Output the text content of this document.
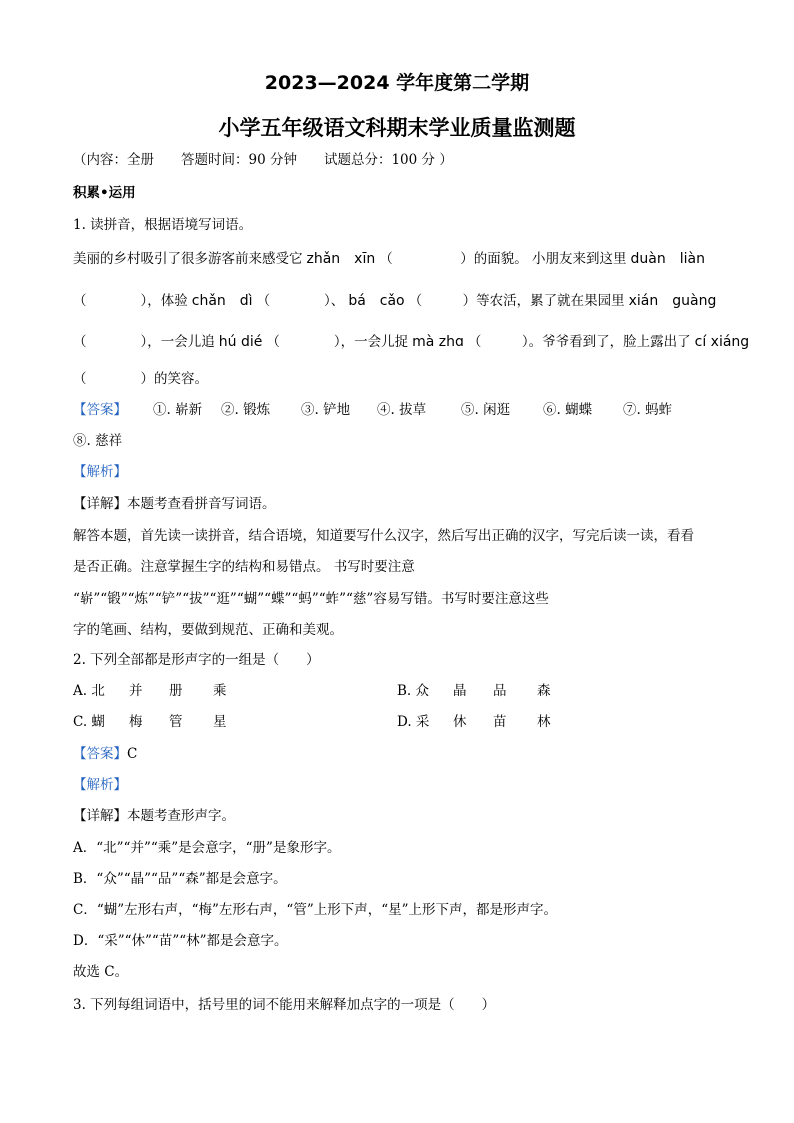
2023—2024 学年度第二学期
小学五年级语文科期末学业质量监测题
（内容：全册　　答题时间：90 分钟　　试题总分：100 分 ）
积累•运用
1. 读拼音，根据语境写词语。
美丽的乡村吸引了很多游客前来感受它 zhǎn　xīn （　　　　　）的面貌。 小朋友来到这里 duàn　liàn
（　　　　），体验 chǎn　dì （　　　　）、 bá　cǎo （　　　）等农活，累了就在果园里 xián　guàng
（　　　　），一会儿追 hú dié （　　　　），一会儿捉 mà zhɑ （　　　）。爷爷看到了，脸上露出了 cí xiáng
（　　　　）的笑容。
【答案】 ①. 崭新 ②. 锻炼 ③. 铲地 ④. 拔草	⑤. 闲逛 ⑥. 蝴蝶 ⑦. 蚂蚱
⑧. 慈祥
【解析】
【详解】本题考查看拼音写词语。
解答本题，首先读一读拼音，结合语境，知道要写什么汉字，然后写出正确的汉字，写完后读一读，看看
是否正确。注意掌握生字的结构和易错点。 书写时要注意
“崭”“锻”“炼”“铲”“拔”“逛”“蝴”“蝶”“蚂”“蚱”“慈”容易写错。书写时要注意这些
字的笔画、结构，要做到规范、正确和美观。
2. 下列全部都是形声字的一组是（　　）
A. 北 并 册 乘	B. 众 晶 品 森
C. 蝴 梅 管 星	D. 采 休 苗 林
【答案】C
【解析】
【详解】本题考查形声字。
A．“北”“并”“乘”是会意字，“册”是象形字。
B．“众”“晶”“品”“森”都是会意字。
C．“蝴”左形右声，“梅”左形右声，“管”上形下声，“星”上形下声，都是形声字。
D．“采”“休”“苗”“林”都是会意字。
故选 C。
3. 下列每组词语中，括号里的词不能用来解释加点字的一项是（　　）
